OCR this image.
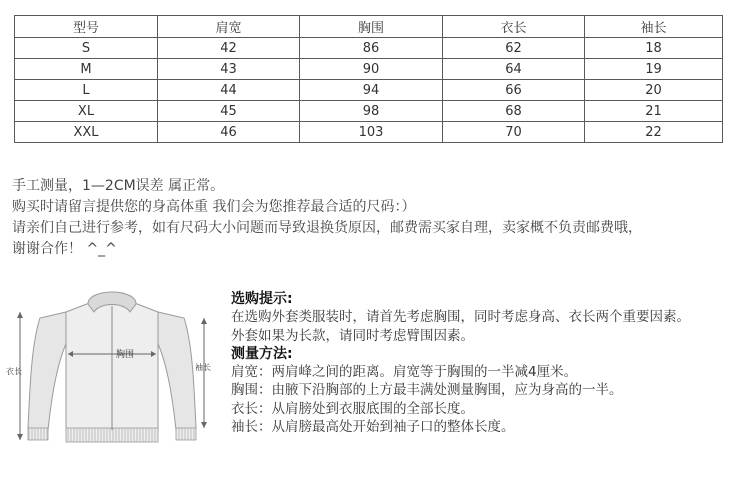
型号	肩宽	胸围	衣长	袖长
S	42	86	62	18
M	43	90	64	19
L	44	94	66	20
XL	45	98	68	21
XXL	46	103	70	22

手工测量，1—2CM误差 属正常。

购买时请留言提供您的身高体重 我们会为您推荐最合适的尺码：）

请亲们自己进行参考，如有尺码大小问题而导致退换货原因，邮费需买家自理，卖家概不负责邮费哦，

谢谢合作！ ^_^

胸围
衣长	袖长

选购提示:

在选购外套类服装时，请首先考虑胸围，同时考虑身高、衣长两个重要因素。

外套如果为长款，请同时考虑臂围因素。

测量方法:

肩宽：两肩峰之间的距离。肩宽等于胸围的一半减4厘米。

胸围：由腋下沿胸部的上方最丰满处测量胸围，应为身高的一半。

衣长：从肩膀处到衣服底围的全部长度。

袖长：从肩膀最高处开始到袖子口的整体长度。
